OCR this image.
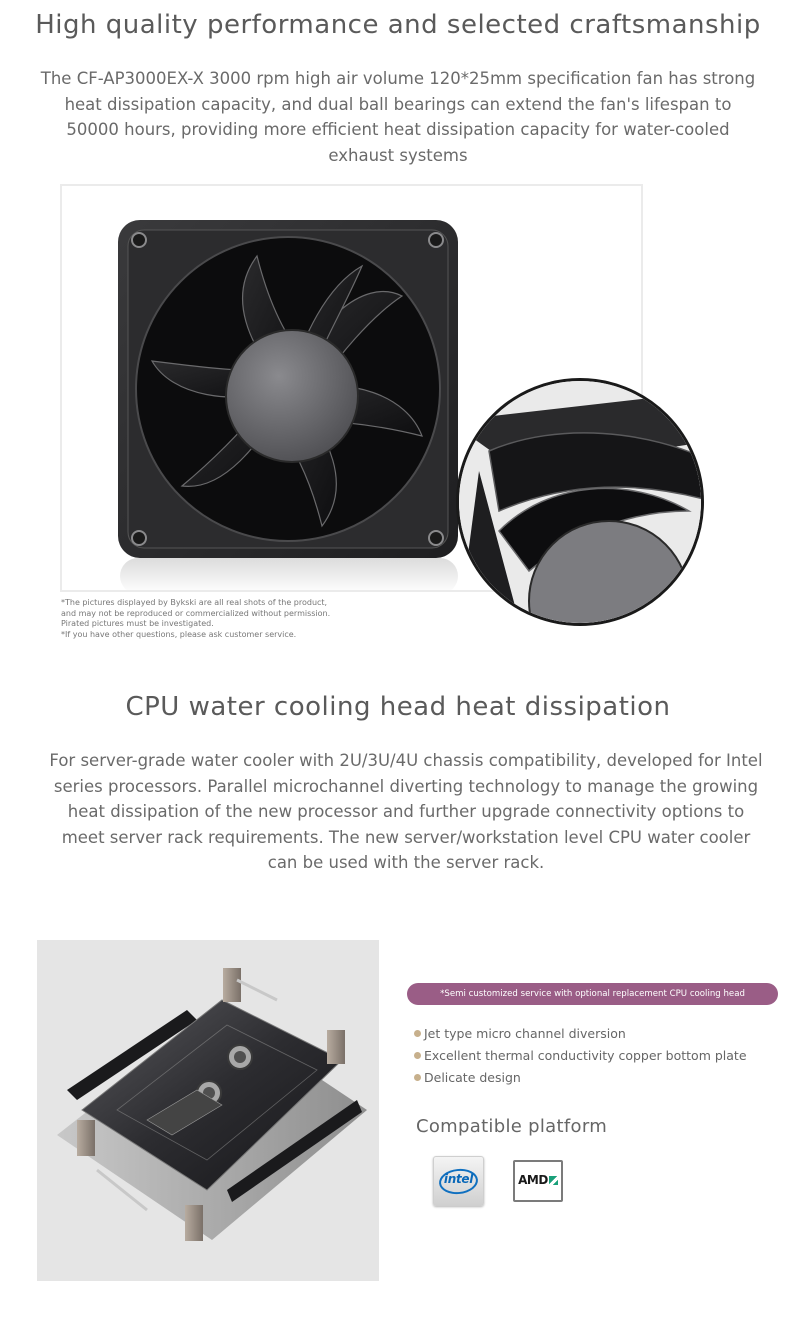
High quality performance and selected craftsmanship

The CF-AP3000EX-X 3000 rpm high air volume 120*25mm specification fan has strong heat dissipation capacity, and dual ball bearings can extend the fan's lifespan to 50000 hours, providing more efficient heat dissipation capacity for water-cooled exhaust systems

*The pictures displayed by Bykski are all real shots of the product,
and may not be reproduced or commercialized without permission.
Pirated pictures must be investigated.
*If you have other questions, please ask customer service.
CPU water cooling head heat dissipation

For server-grade water cooler with 2U/3U/4U chassis compatibility, developed for Intel series processors. Parallel microchannel diverting technology to manage the growing heat dissipation of the new processor and further upgrade connectivity options to meet server rack requirements. The new server/workstation level CPU water cooler can be used with the server rack.

*Semi customized service with optional replacement CPU cooling head
Jet type micro channel diversion
Excellent thermal conductivity copper bottom plate
Delicate design
Compatible platform
intel	AMD
